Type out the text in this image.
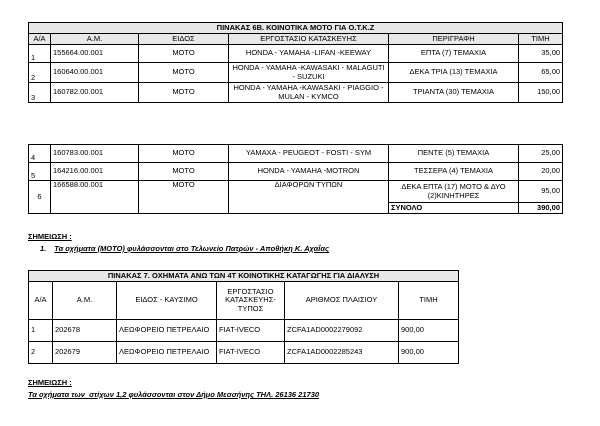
ΠΙΝΑΚΑΣ 6Β. ΚΟΙΝΟΤΙΚΑ ΜΟΤΟ ΓΙΑ Ο.Τ.Κ.Ζ					
Α/Α	Α.Μ.	ΕΙΔΟΣ	ΕΡΓΟΣΤΑΣΙΟ ΚΑΤΑΣΚΕΥΗΣ	ΠΕΡΙΓΡΑΦΗ	ΤΙΜΗ
1	155664.00.001	ΜΟΤΟ	HONDA - YAMAHA -LIFAN -KEEWAY	ΕΠΤΑ (7) ΤΕΜΑΧΙΑ	35,00
2	160640.00.001	ΜΟΤΟ	HONDA - YAMAHA -KAWASAKI - MALAGUTI - SUZUKI	ΔΕΚΑ ΤΡΙΑ (13) ΤΕΜΑΧΙΑ	65,00
3	160782.00.001	ΜΟΤΟ	HONDA - YAMAHA -KAWASAKI - PIAGGIO - MULAN - KYMCO	ΤΡΙΑΝΤΑ (30) ΤΕΜΑΧΙΑ	150,00
4	160783.00.001	ΜΟΤΟ	YAMAXA - PEUGEOT - FOSTI - SYM	ΠΕΝΤΕ (5) ΤΕΜΑΧΙΑ	25,00
5	164216.00.001	ΜΟΤΟ	HONDA - YAMAHA -MOTRON	ΤΕΣΣΕΡΑ (4) ΤΕΜΑΧΙΑ	20,00
6	166588.00.001	ΜΟΤΟ	ΔΙΑΦΟΡΩΝ ΤΥΠΩΝ	ΔΕΚΑ ΕΠΤΑ (17) ΜΟΤΟ & ΔΥΟ (2)ΚΙΝΗΤΗΡΕΣ	95,00
				ΣΥΝΟΛΟ	390,00
ΣΗΜΕΙΩΣΗ :
1. Τα οχήματα (ΜΟΤΟ) φυλάσσονται στο Τελωνείο Πατρών - Αποθήκη Κ. Αχαΐας
ΠΙΝΑΚΑΣ 7. ΟΧΗΜΑΤΑ ΑΝΩ ΤΩΝ 4Τ ΚΟΙΝΟΤΙΚΗΣ ΚΑΤΑΓΩΓΗΣ ΓΙΑ ΔΙΑΛΥΣΗ					
Α/Α	Α.Μ.	ΕΙΔΟΣ - ΚΑΥΣΙΜΟ	ΕΡΓΟΣΤΑΣΙΟ ΚΑΤΑΣΚΕΥΗΣ- ΤΥΠΟΣ	ΑΡΙΘΜΟΣ ΠΛΑΙΣΙΟΥ	ΤΙΜΗ
1	202678	ΛΕΩΦΟΡΕΙΟ ΠΕΤΡΕΛΑΙΟ	FIAT-IVECO	ZCFA1AD0002279092	900,00
2	202679	ΛΕΩΦΟΡΕΙΟ ΠΕΤΡΕΛΑΙΟ	FIAT-IVECO	ZCFA1AD0002285243	900,00
ΣΗΜΕΙΩΣΗ :
Τα οχήματα των  στίχων 1,2 φυλάσσονται στον Δήμο Μεσσήνης ΤΗΛ. 26136 21730
